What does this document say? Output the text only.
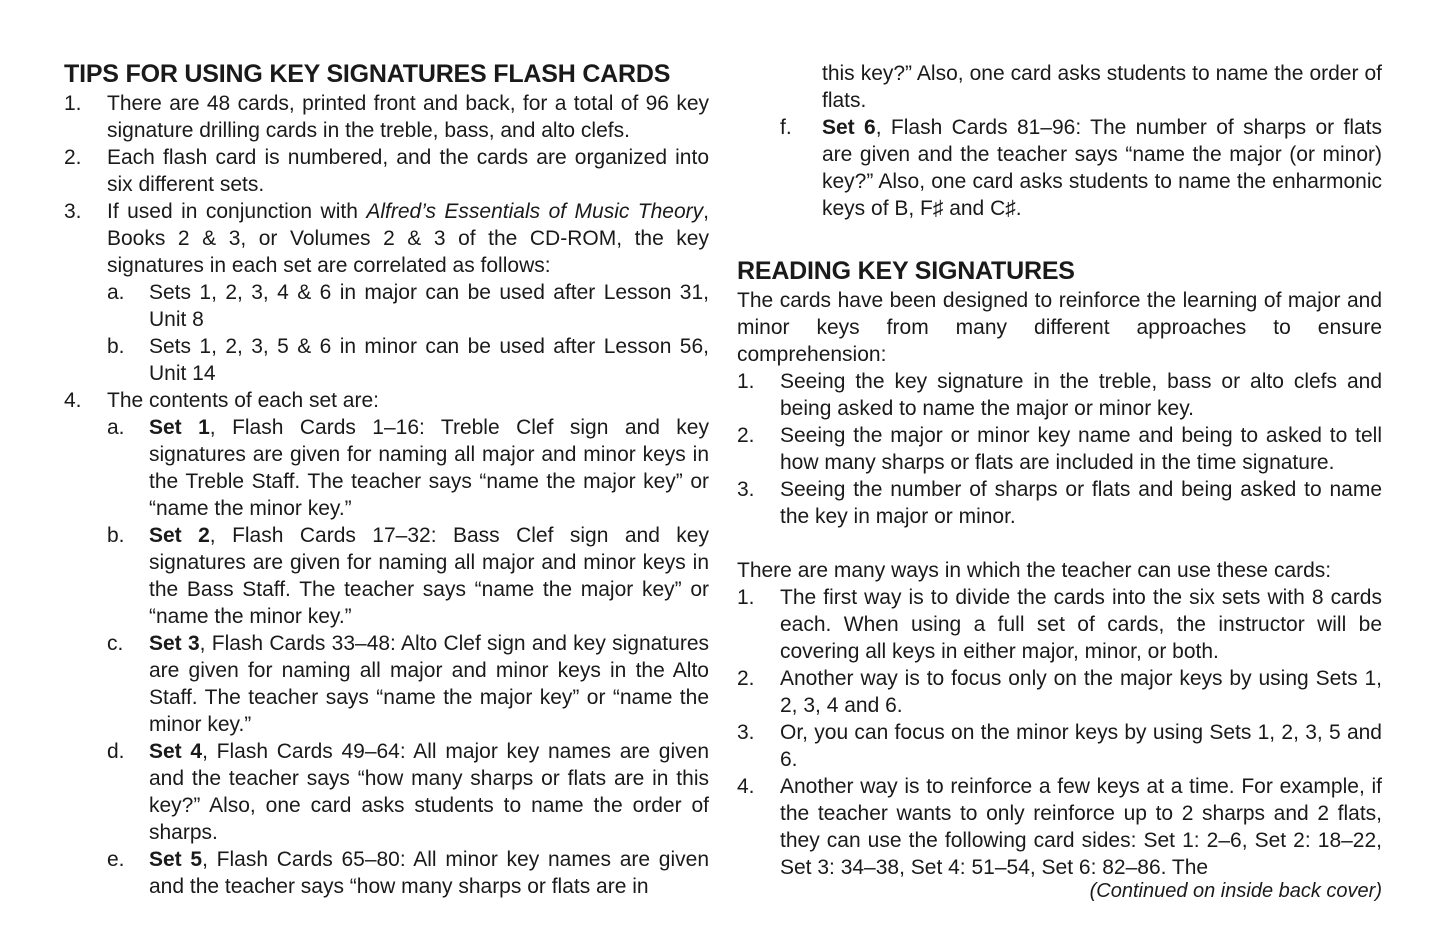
TIPS FOR USING KEY SIGNATURES FLASH CARDS
1. There are 48 cards, printed front and back, for a total of 96 key signature drilling cards in the treble, bass, and alto clefs.
2. Each flash card is numbered, and the cards are organized into six different sets.
3. If used in conjunction with Alfred’s Essentials of Music Theory, Books 2 & 3, or Volumes 2 & 3 of the CD-ROM, the key signatures in each set are correlated as follows:
a. Sets 1, 2, 3, 4 & 6 in major can be used after Lesson 31, Unit 8
b. Sets 1, 2, 3, 5 & 6 in minor can be used after Lesson 56, Unit 14
4. The contents of each set are:
a. Set 1, Flash Cards 1–16: Treble Clef sign and key signatures are given for naming all major and minor keys in the Treble Staff. The teacher says “name the major key” or “name the minor key.”
b. Set 2, Flash Cards 17–32: Bass Clef sign and key signatures are given for naming all major and minor keys in the Bass Staff. The teacher says “name the major key” or “name the minor key.”
c. Set 3, Flash Cards 33–48: Alto Clef sign and key signatures are given for naming all major and minor keys in the Alto Staff. The teacher says “name the major key” or “name the minor key.”
d. Set 4, Flash Cards 49–64: All major key names are given and the teacher says “how many sharps or flats are in this key?” Also, one card asks students to name the order of sharps.
e. Set 5, Flash Cards 65–80: All minor key names are given and the teacher says “how many sharps or flats are in
this key?” Also, one card asks students to name the order of flats.
f. Set 6, Flash Cards 81–96: The number of sharps or flats are given and the teacher says “name the major (or minor) key?” Also, one card asks students to name the enharmonic keys of B, F♯ and C♯.
READING KEY SIGNATURES
The cards have been designed to reinforce the learning of major and minor keys from many different approaches to ensure comprehension:
1. Seeing the key signature in the treble, bass or alto clefs and being asked to name the major or minor key.
2. Seeing the major or minor key name and being to asked to tell how many sharps or flats are included in the time signature.
3. Seeing the number of sharps or flats and being asked to name the key in major or minor.
There are many ways in which the teacher can use these cards:
1. The first way is to divide the cards into the six sets with 8 cards each. When using a full set of cards, the instructor will be covering all keys in either major, minor, or both.
2. Another way is to focus only on the major keys by using Sets 1, 2, 3, 4 and 6.
3. Or, you can focus on the minor keys by using Sets 1, 2, 3, 5 and 6.
4. Another way is to reinforce a few keys at a time. For example, if the teacher wants to only reinforce up to 2 sharps and 2 flats, they can use the following card sides: Set 1: 2–6, Set 2: 18–22, Set 3: 34–38, Set 4: 51–54, Set 6: 82–86. The
(Continued on inside back cover)
